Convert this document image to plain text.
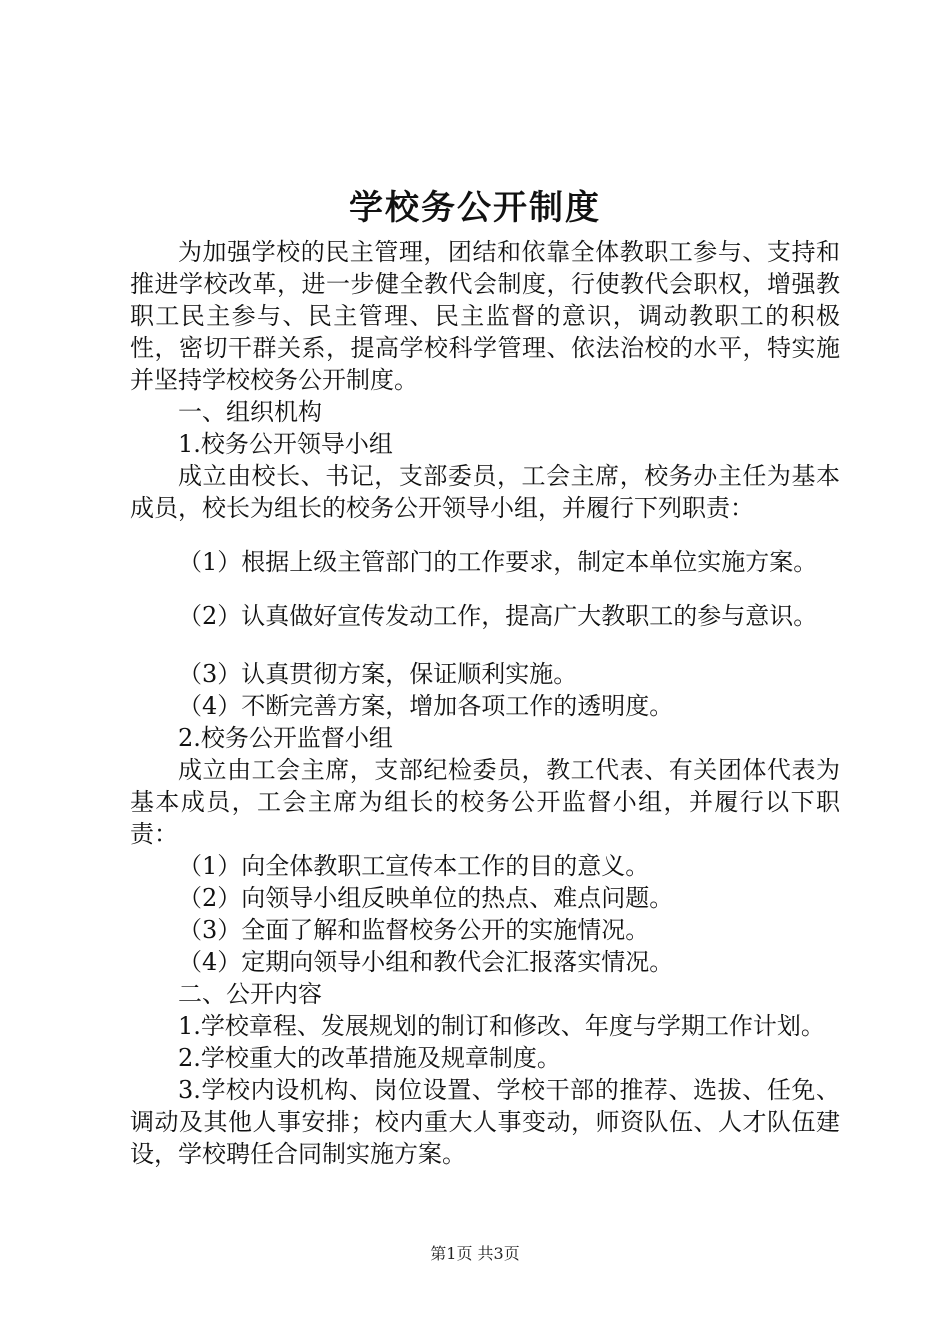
学校务公开制度

为加强学校的民主管理，团结和依靠全体教职工参与、支持和推进学校改革，进一步健全教代会制度，行使教代会职权，增强教职工民主参与、民主管理、民主监督的意识，调动教职工的积极性，密切干群关系，提高学校科学管理、依法治校的水平，特实施并坚持学校校务公开制度。

一、组织机构

1.校务公开领导小组

成立由校长、书记，支部委员，工会主席，校务办主任为基本成员，校长为组长的校务公开领导小组，并履行下列职责：

（1）根据上级主管部门的工作要求，制定本单位实施方案。

（2）认真做好宣传发动工作，提高广大教职工的参与意识。

（3）认真贯彻方案，保证顺利实施。

（4）不断完善方案，增加各项工作的透明度。

2.校务公开监督小组

成立由工会主席，支部纪检委员，教工代表、有关团体代表为基本成员，工会主席为组长的校务公开监督小组，并履行以下职责：

（1）向全体教职工宣传本工作的目的意义。

（2）向领导小组反映单位的热点、难点问题。

（3）全面了解和监督校务公开的实施情况。

（4）定期向领导小组和教代会汇报落实情况。

二、公开内容

1.学校章程、发展规划的制订和修改、年度与学期工作计划。

2.学校重大的改革措施及规章制度。

3.学校内设机构、岗位设置、学校干部的推荐、选拔、任免、调动及其他人事安排；校内重大人事变动，师资队伍、人才队伍建设，学校聘任合同制实施方案。

第1页 共3页
